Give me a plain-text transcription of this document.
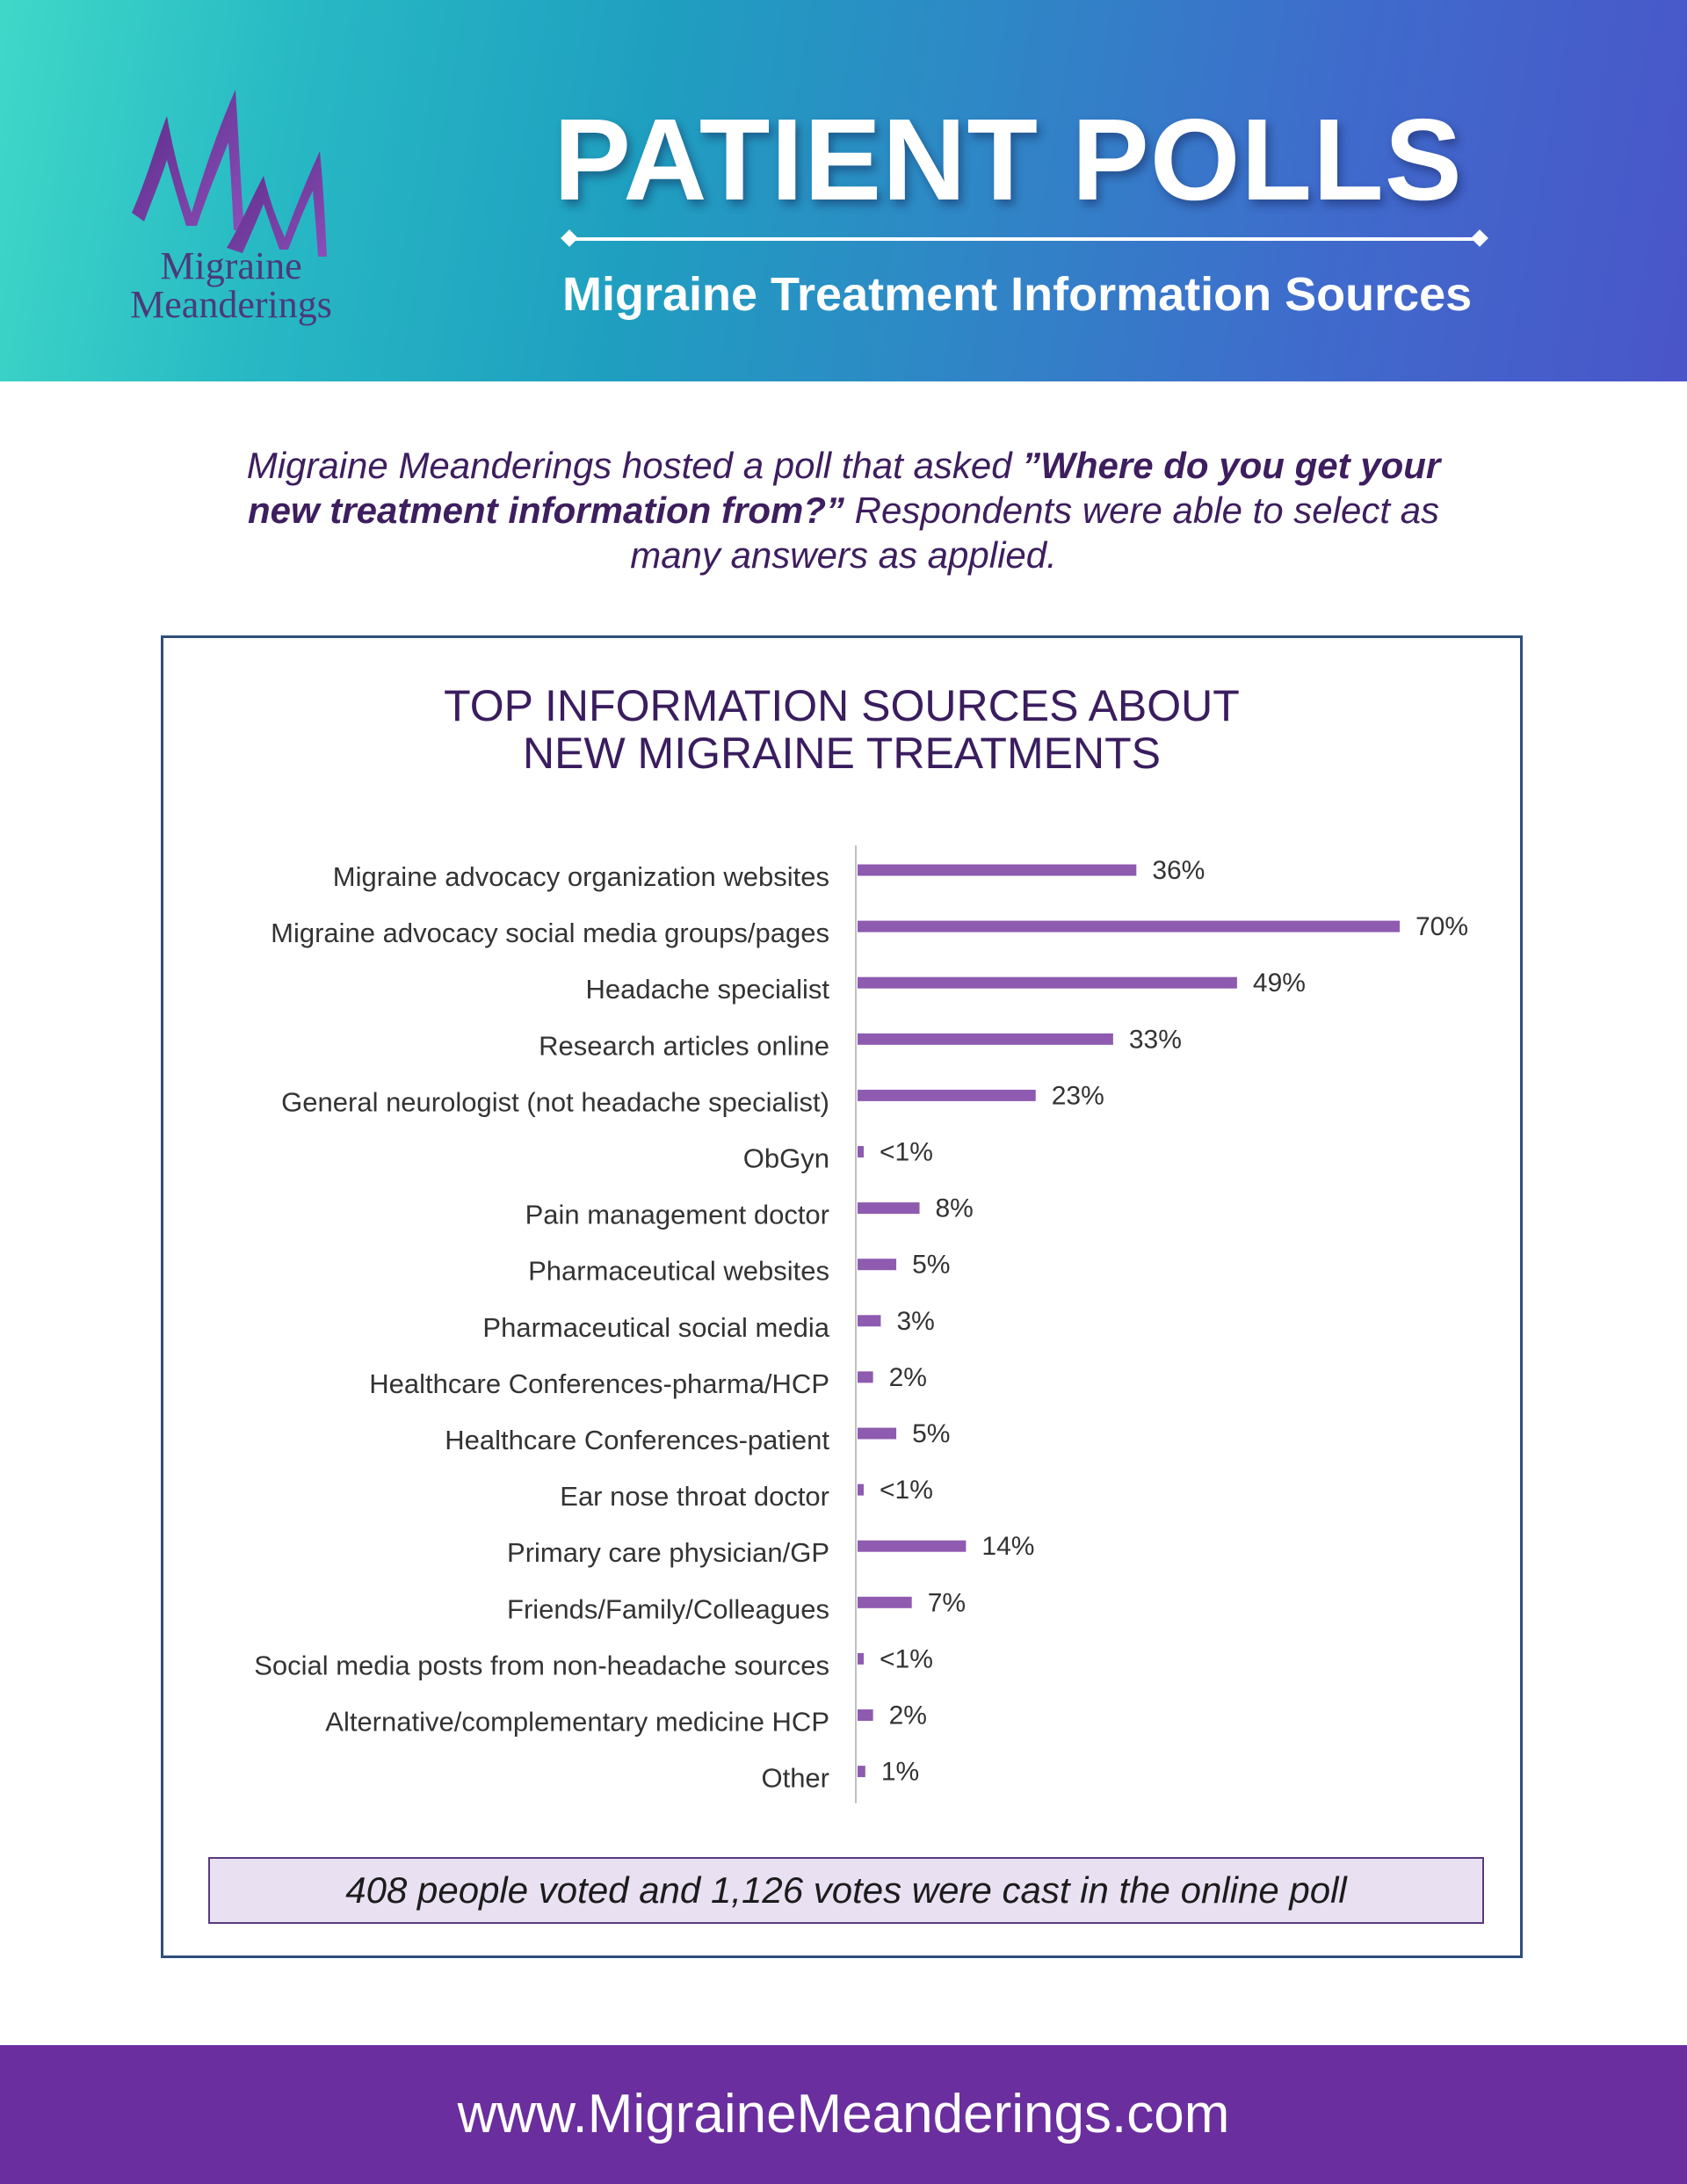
Migraine
Meanderings
PATIENT POLLS
Migraine Treatment Information Sources
Migraine Meanderings hosted a poll that asked ”Where do you get your new treatment information from?” Respondents were able to select as many answers as applied.
TOP INFORMATION SOURCES ABOUT
NEW MIGRAINE TREATMENTS
Migraine advocacy organization websites	36%
Migraine advocacy social media groups/pages	70%
Headache specialist	49%
Research articles online	33%
General neurologist (not headache specialist)	23%
ObGyn <1%
Pain management doctor	8%
Pharmaceutical websites	5%
Pharmaceutical social media	3%
Healthcare Conferences-pharma/HCP 2%
Healthcare Conferences-patient	5%
Ear nose throat doctor <1%
Primary care physician/GP	14%
Friends/Family/Colleagues	7%
Social media posts from non-headache sources <1%
Alternative/complementary medicine HCP 2%
Other 1%
408 people voted and 1,126 votes were cast in the online poll
www.MigraineMeanderings.com
